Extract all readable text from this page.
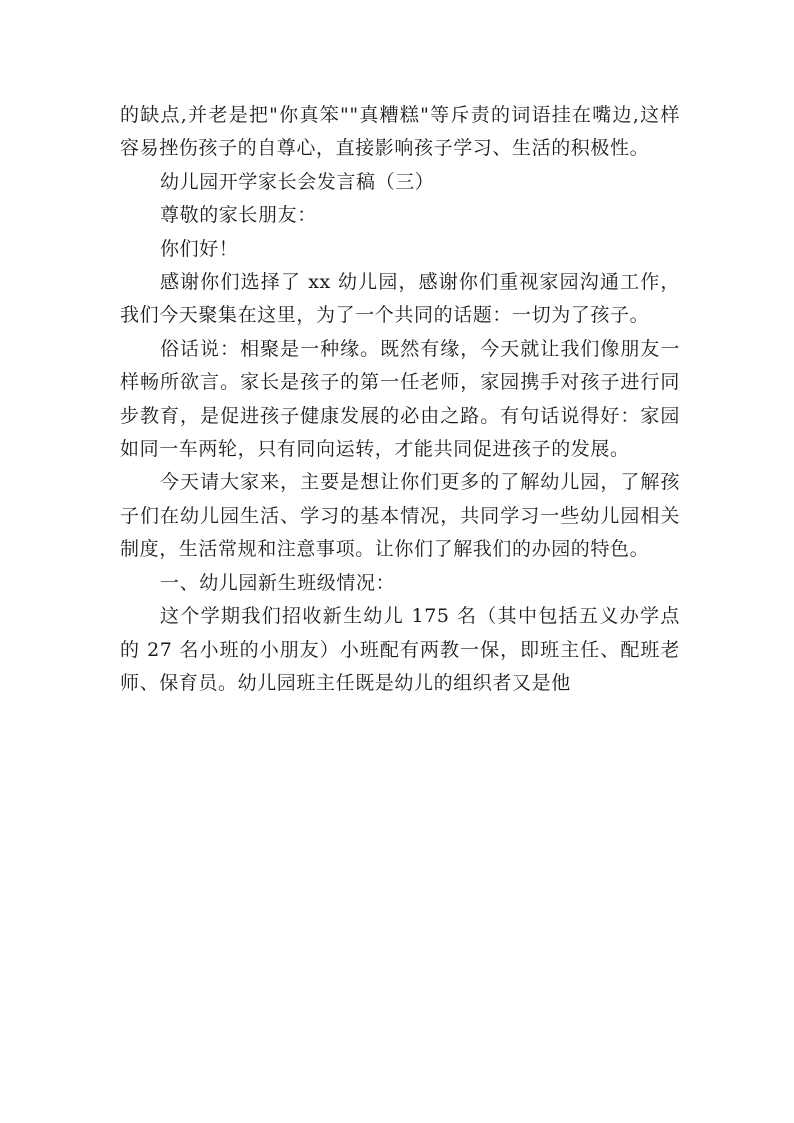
的缺点,并老是把"你真笨""真糟糕"等斥责的词语挂在嘴边,这样容易挫伤孩子的自尊心，直接影响孩子学习、生活的积极性。

幼儿园开学家长会发言稿（三）

尊敬的家长朋友：

你们好！

感谢你们选择了 xx 幼儿园，感谢你们重视家园沟通工作，我们今天聚集在这里，为了一个共同的话题：一切为了孩子。

俗话说：相聚是一种缘。既然有缘，今天就让我们像朋友一样畅所欲言。家长是孩子的第一任老师，家园携手对孩子进行同步教育，是促进孩子健康发展的必由之路。有句话说得好：家园如同一车两轮，只有同向运转，才能共同促进孩子的发展。

今天请大家来，主要是想让你们更多的了解幼儿园，了解孩子们在幼儿园生活、学习的基本情况，共同学习一些幼儿园相关制度，生活常规和注意事项。让你们了解我们的办园的特色。

一、幼儿园新生班级情况：

这个学期我们招收新生幼儿 175 名（其中包括五义办学点的 27 名小班的小朋友）小班配有两教一保，即班主任、配班老师、保育员。幼儿园班主任既是幼儿的组织者又是他
